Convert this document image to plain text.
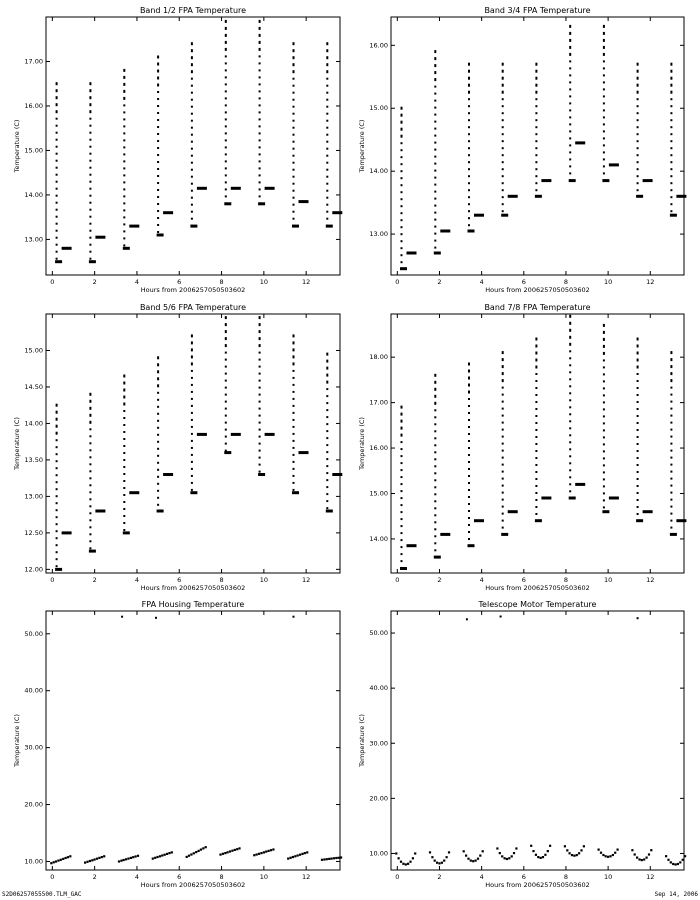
Band 1/2 FPA Temperature
Hours from 2006257050503602
Temperature (C)
0	2	4	6	8	10	12
13.00
14.00
15.00
16.00
17.00
Band 3/4 FPA Temperature
Hours from 2006257050503602
Temperature (C)
0	2	4	6	8	10	12
13.00
14.00
15.00
16.00
Band 5/6 FPA Temperature
Hours from 2006257050503602
Temperature (C)
0	2	4	6	8	10	12
12.00
12.50
13.00
13.50
14.00
14.50
15.00
Band 7/8 FPA Temperature
Hours from 2006257050503602
Temperature (C)
0	2	4	6	8	10	12
14.00
15.00
16.00
17.00
18.00
FPA Housing Temperature
Hours from 2006257050503602
Temperature (C)
0	2	4	6	8	10	12
10.00
20.00
30.00
40.00
50.00
Telescope Motor Temperature
Hours from 2006257050503602
Temperature (C)
0	2	4	6	8	10	12
10.00
20.00
30.00
40.00
50.00
S2D06257055500.TLM_GAC	Sep 14, 2006
